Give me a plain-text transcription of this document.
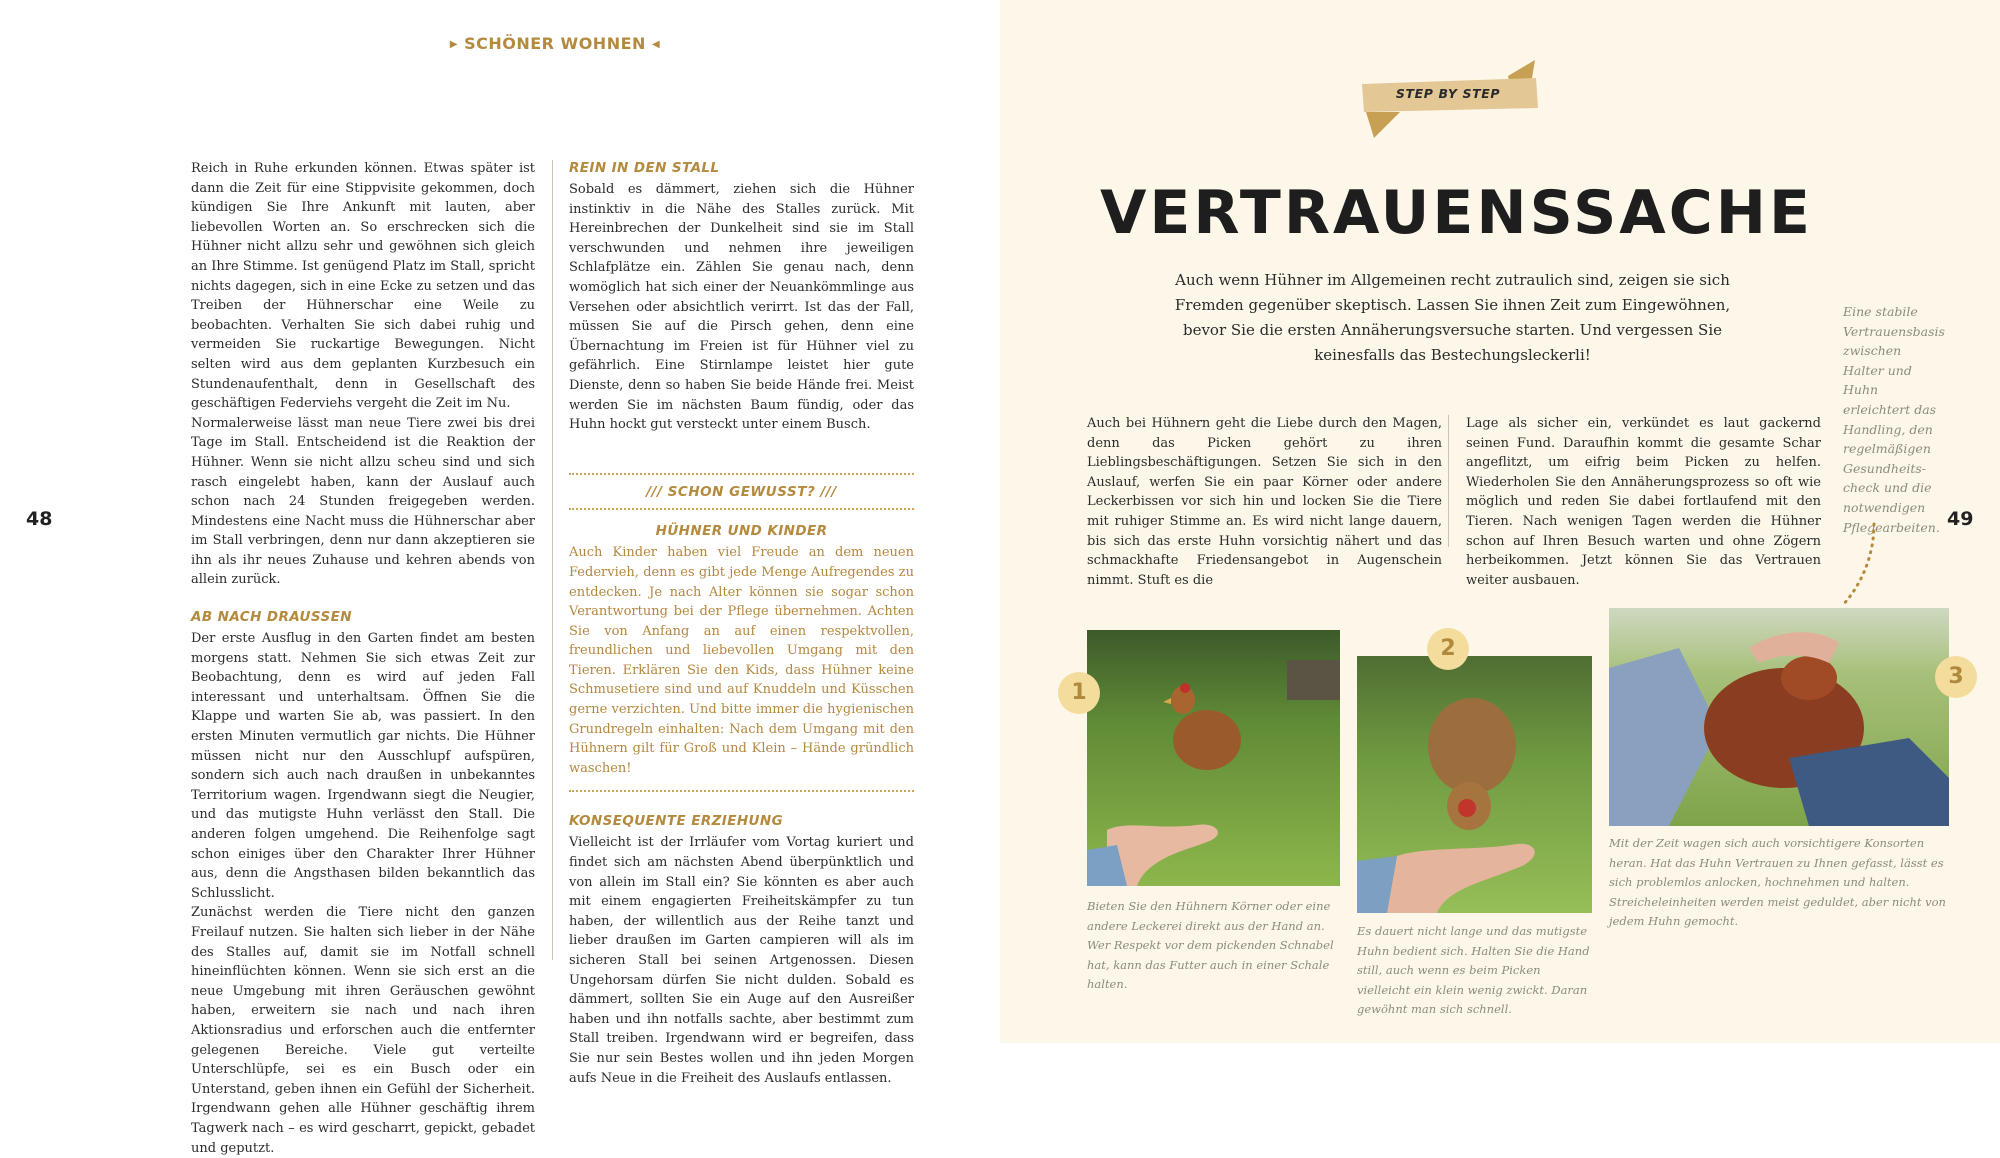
▶ SCHÖNER WOHNEN ◀

Reich in Ruhe erkunden können. Etwas später ist dann die Zeit für eine Stippvisite gekommen, doch kündigen Sie Ihre Ankunft mit lauten, aber liebevollen Worten an. So erschrecken sich die Hühner nicht allzu sehr und gewöhnen sich gleich an Ihre Stimme. Ist genügend Platz im Stall, spricht nichts dagegen, sich in eine Ecke zu setzen und das Treiben der Hühnerschar eine Weile zu beobachten. Verhalten Sie sich dabei ruhig und vermeiden Sie ruckartige Bewegungen. Nicht selten wird aus dem geplanten Kurzbesuch ein Stundenaufenthalt, denn in Gesellschaft des geschäftigen Federviehs vergeht die Zeit im Nu.

Normalerweise lässt man neue Tiere zwei bis drei Tage im Stall. Entscheidend ist die Reaktion der Hühner. Wenn sie nicht allzu scheu sind und sich rasch eingelebt haben, kann der Auslauf auch schon nach 24 Stunden freigegeben werden. Mindestens eine Nacht muss die Hühnerschar aber im Stall verbringen, denn nur dann akzeptieren sie ihn als ihr neues Zuhause und kehren abends von allein zurück.

AB NACH DRAUSSEN

Der erste Ausflug in den Garten findet am besten morgens statt. Nehmen Sie sich etwas Zeit zur Beobachtung, denn es wird auf jeden Fall interessant und unterhaltsam. Öffnen Sie die Klappe und warten Sie ab, was passiert. In den ersten Minuten vermutlich gar nichts. Die Hühner müssen nicht nur den Ausschlupf aufspüren, sondern sich auch nach draußen in unbekanntes Territorium wagen. Irgendwann siegt die Neugier, und das mutigste Huhn verlässt den Stall. Die anderen folgen umgehend. Die Reihenfolge sagt schon einiges über den Charakter Ihrer Hühner aus, denn die Angsthasen bilden bekanntlich das Schlusslicht.

Zunächst werden die Tiere nicht den ganzen Freilauf nutzen. Sie halten sich lieber in der Nähe des Stalles auf, damit sie im Notfall schnell hineinflüchten können. Wenn sie sich erst an die neue Umgebung mit ihren Geräuschen gewöhnt haben, erweitern sie nach und nach ihren Aktionsradius und erforschen auch die entfernter gelegenen Bereiche. Viele gut verteilte Unterschlüpfe, sei es ein Busch oder ein Unterstand, geben ihnen ein Gefühl der Sicherheit. Irgendwann gehen alle Hühner geschäftig ihrem Tagwerk nach – es wird gescharrt, gepickt, gebadet und geputzt.

REIN IN DEN STALL

Sobald es dämmert, ziehen sich die Hühner instinktiv in die Nähe des Stalles zurück. Mit Hereinbrechen der Dunkelheit sind sie im Stall verschwunden und nehmen ihre jeweiligen Schlafplätze ein. Zählen Sie genau nach, denn womöglich hat sich einer der Neuankömmlinge aus Versehen oder absichtlich verirrt. Ist das der Fall, müssen Sie auf die Pirsch gehen, denn eine Übernachtung im Freien ist für Hühner viel zu gefährlich. Eine Stirnlampe leistet hier gute Dienste, denn so haben Sie beide Hände frei. Meist werden Sie im nächsten Baum fündig, oder das Huhn hockt gut versteckt unter einem Busch.

/// SCHON GEWUSST? ///
HÜHNER UND KINDER

Auch Kinder haben viel Freude an dem neuen Federvieh, denn es gibt jede Menge Aufregendes zu entdecken. Je nach Alter können sie sogar schon Verantwortung bei der Pflege übernehmen. Achten Sie von Anfang an auf einen respektvollen, freundlichen und liebevollen Umgang mit den Tieren. Erklären Sie den Kids, dass Hühner keine Schmusetiere sind und auf Knuddeln und Küsschen gerne verzichten. Und bitte immer die hygienischen Grundregeln einhalten: Nach dem Umgang mit den Hühnern gilt für Groß und Klein – Hände gründlich waschen!

KONSEQUENTE ERZIEHUNG

Vielleicht ist der Irrläufer vom Vortag kuriert und findet sich am nächsten Abend überpünktlich und von allein im Stall ein? Sie könnten es aber auch mit einem engagierten Freiheitskämpfer zu tun haben, der willentlich aus der Reihe tanzt und lieber draußen im Garten campieren will als im sicheren Stall bei seinen Artgenossen. Diesen Ungehorsam dürfen Sie nicht dulden. Sobald es dämmert, sollten Sie ein Auge auf den Ausreißer haben und ihn notfalls sachte, aber bestimmt zum Stall treiben. Irgendwann wird er begreifen, dass Sie nur sein Bestes wollen und ihn jeden Morgen aufs Neue in die Freiheit des Auslaufs entlassen.

48	49
STEP BY STEP
VERTRAUENSSACHE
Auch wenn Hühner im Allgemeinen recht zutraulich sind, zeigen sie sich Fremden gegenüber skeptisch. Lassen Sie ihnen Zeit zum Eingewöhnen, bevor Sie die ersten Annäherungsversuche starten. Und vergessen Sie keinesfalls das Bestechungsleckerli!
Eine stabile Vertrauensbasis zwischen Halter und Huhn erleichtert das Handling, den regelmäßigen Gesundheits-check und die notwendigen Pflegearbeiten.
Auch bei Hühnern geht die Liebe durch den Magen, denn das Picken gehört zu ihren Lieblingsbeschäftigungen. Setzen Sie sich in den Auslauf, werfen Sie ein paar Körner oder andere Leckerbissen vor sich hin und locken Sie die Tiere mit ruhiger Stimme an. Es wird nicht lange dauern, bis sich das erste Huhn vorsichtig nähert und das schmackhafte Friedensangebot in Augenschein nimmt. Stuft es die
Lage als sicher ein, verkündet es laut gackernd seinen Fund. Daraufhin kommt die gesamte Schar angeflitzt, um eifrig beim Picken zu helfen. Wiederholen Sie den Annäherungsprozess so oft wie möglich und reden Sie dabei fortlaufend mit den Tieren. Nach wenigen Tagen werden die Hühner schon auf Ihren Besuch warten und ohne Zögern herbeikommen. Jetzt können Sie das Vertrauen weiter ausbauen.
1
Bieten Sie den Hühnern Körner oder eine andere Leckerei direkt aus der Hand an. Wer Respekt vor dem pickenden Schnabel hat, kann das Futter auch in einer Schale halten.
2
Es dauert nicht lange und das mutigste Huhn bedient sich. Halten Sie die Hand still, auch wenn es beim Picken vielleicht ein klein wenig zwickt. Daran gewöhnt man sich schnell.
3
Mit der Zeit wagen sich auch vorsichtigere Konsorten heran. Hat das Huhn Vertrauen zu Ihnen gefasst, lässt es sich problemlos anlocken, hochnehmen und halten. Streicheleinheiten werden meist geduldet, aber nicht von jedem Huhn gemocht.
